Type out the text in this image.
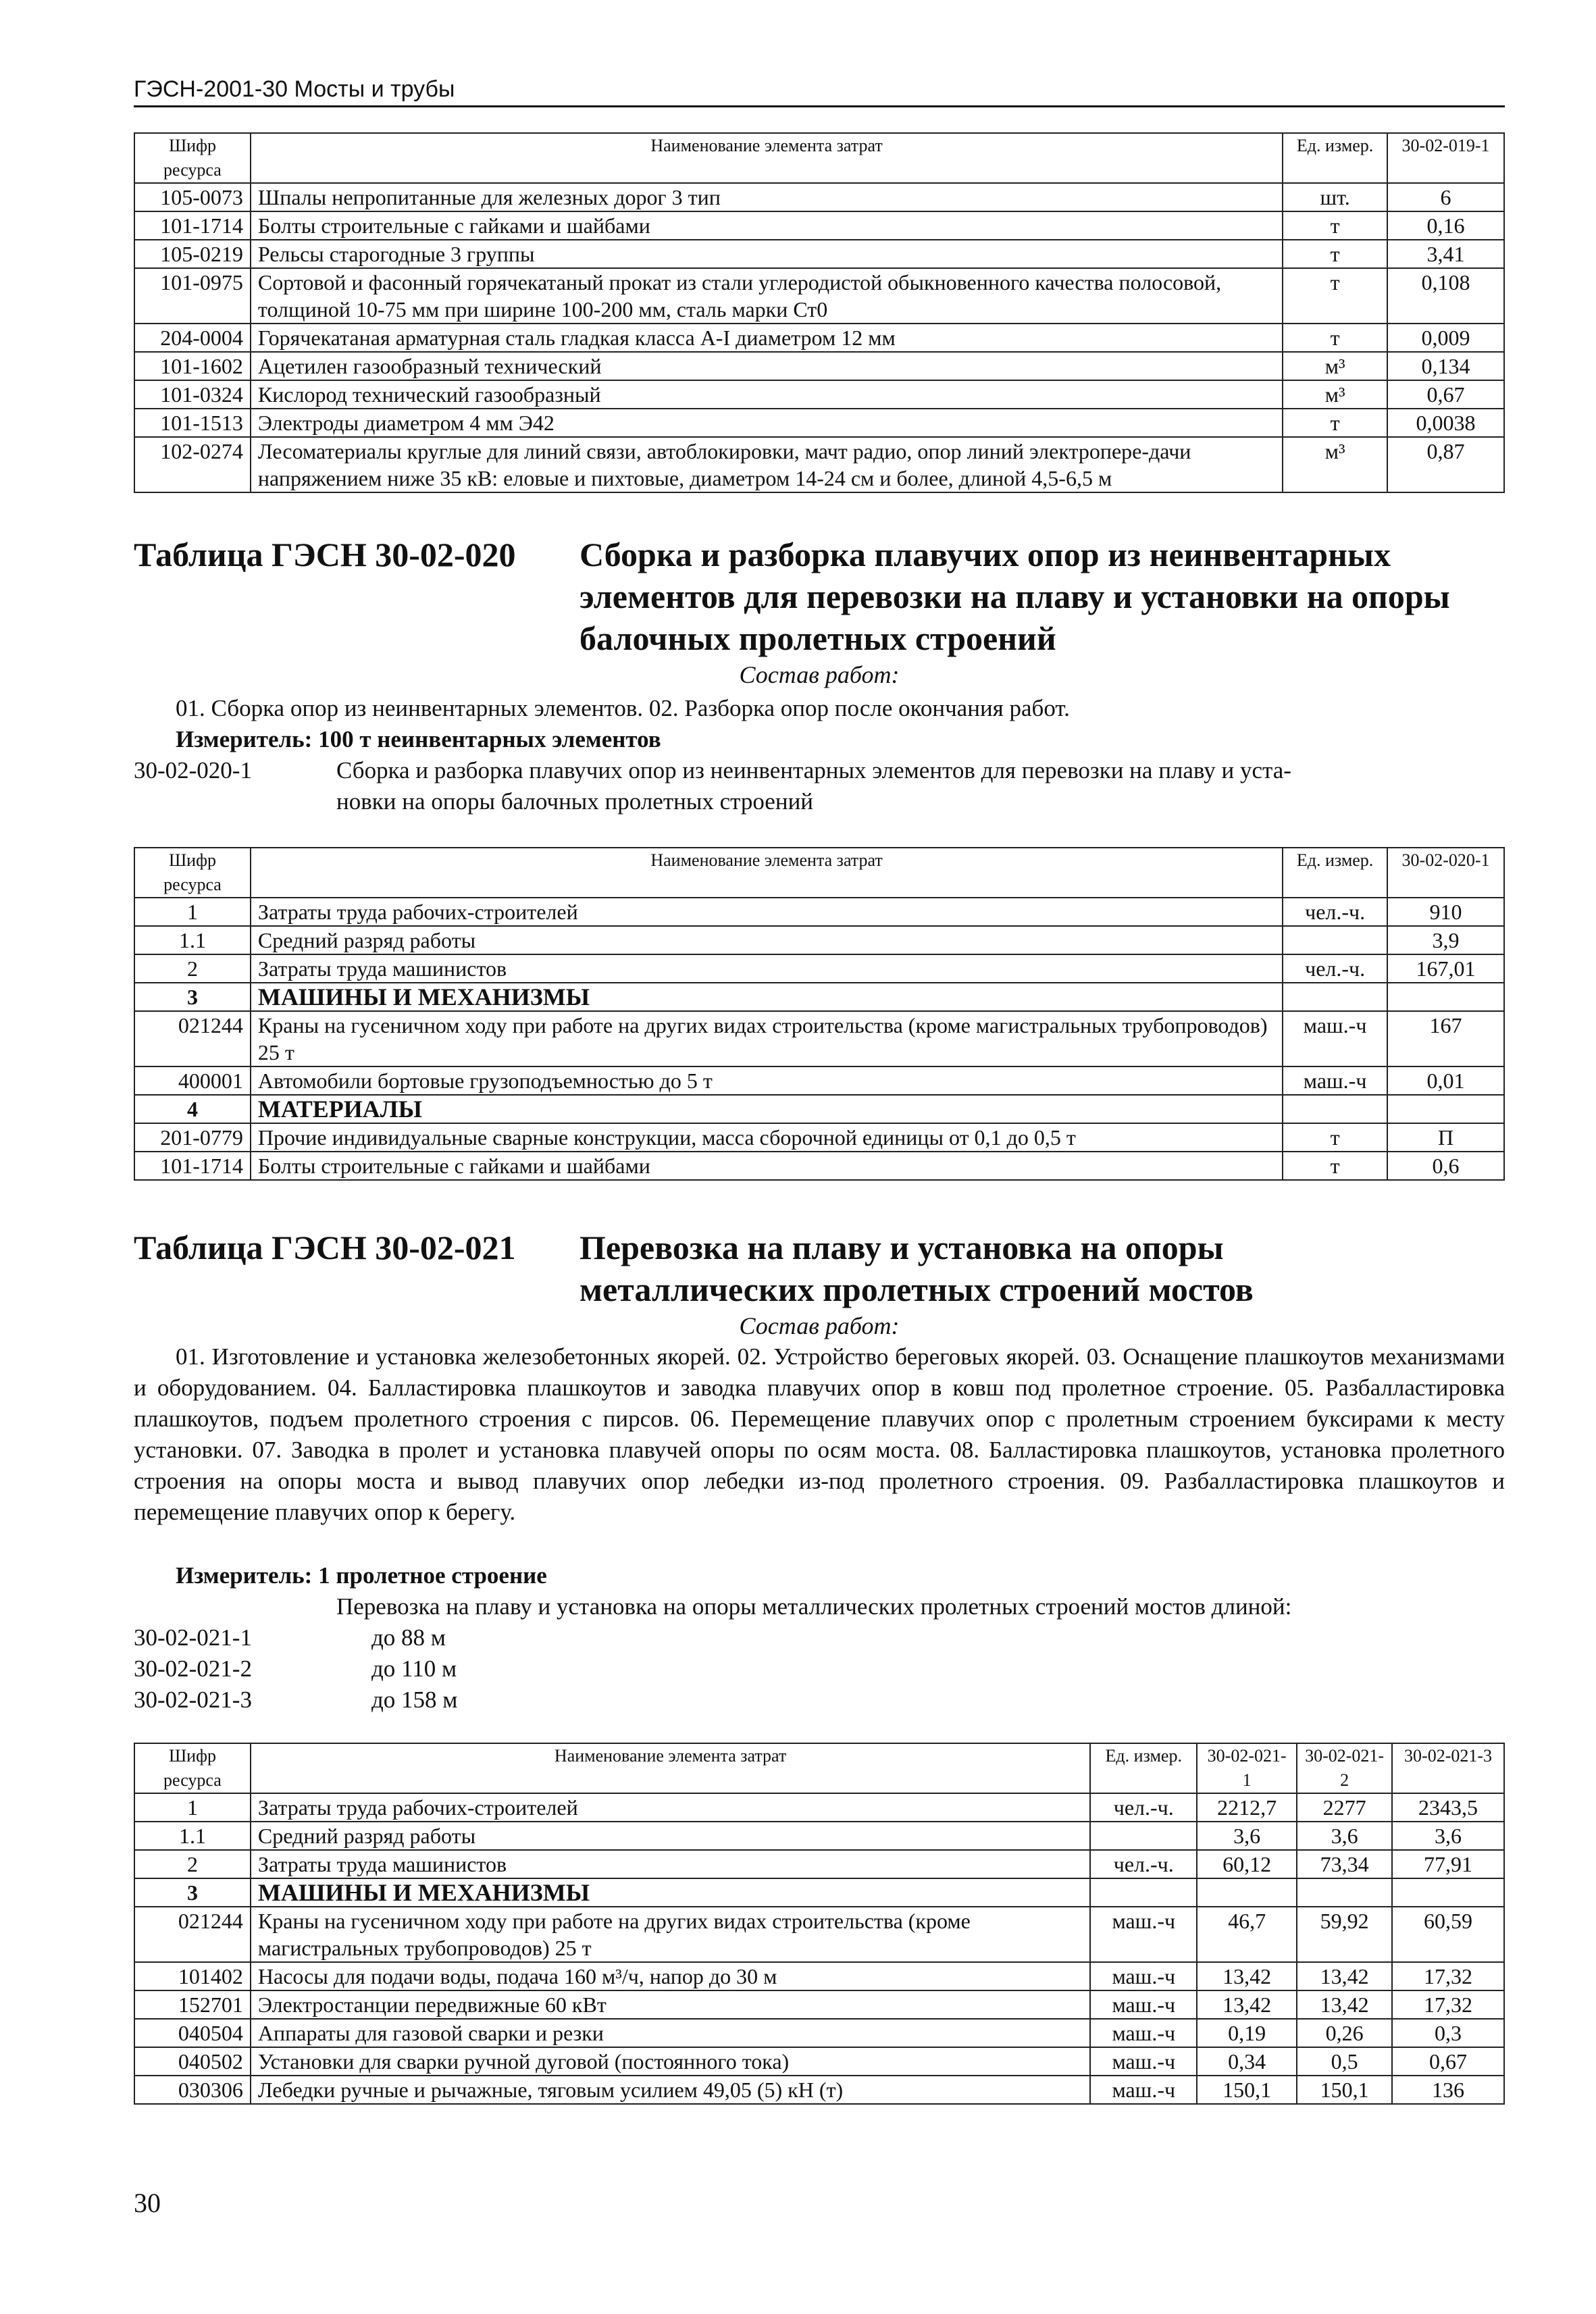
ГЭСН-2001-30 Мосты и трубы
Шифр ресурса	Наименование элемента затрат	Ед. измер.	30-02-019-1
105-0073	Шпалы непропитанные для железных дорог 3 тип	шт.	6
101-1714	Болты строительные с гайками и шайбами	т	0,16
105-0219	Рельсы старогодные 3 группы	т	3,41
101-0975	Сортовой и фасонный горячекатаный прокат из стали углеродистой обыкновенного качества полосовой, толщиной 10-75 мм при ширине 100-200 мм, сталь марки Ст0	т	0,108
204-0004	Горячекатаная арматурная сталь гладкая класса А-I диаметром 12 мм	т	0,009
101-1602	Ацетилен газообразный технический	м³	0,134
101-0324	Кислород технический газообразный	м³	0,67
101-1513	Электроды диаметром 4 мм Э42	т	0,0038
102-0274	Лесоматериалы круглые для линий связи, автоблокировки, мачт радио, опор линий электропере-дачи напряжением ниже 35 кВ: еловые и пихтовые, диаметром 14-24 см и более, длиной 4,5-6,5 м	м³	0,87
Таблица ГЭСН 30-02-020 Сборка и разборка плавучих опор из неинвентарных
элементов для перевозки на плаву и установки на опоры
балочных пролетных строений
Состав работ:
01. Сборка опор из неинвентарных элементов. 02. Разборка опор после окончания работ.
Измеритель: 100 т неинвентарных элементов
30-02-020-1	Сборка и разборка плавучих опор из неинвентарных элементов для перевозки на плаву и уста-
новки на опоры балочных пролетных строений
Шифр ресурса	Наименование элемента затрат	Ед. измер.	30-02-020-1
1	Затраты труда рабочих-строителей	чел.-ч.	910
1.1	Средний разряд работы		3,9
2	Затраты труда машинистов	чел.-ч.	167,01
3	МАШИНЫ И МЕХАНИЗМЫ		
021244	Краны на гусеничном ходу при работе на других видах строительства (кроме магистральных трубопроводов) 25 т	маш.-ч	167
400001	Автомобили бортовые грузоподъемностью до 5 т	маш.-ч	0,01
4	МАТЕРИАЛЫ		
201-0779	Прочие индивидуальные сварные конструкции, масса сборочной единицы от 0,1 до 0,5 т	т	П
101-1714	Болты строительные с гайками и шайбами	т	0,6
Таблица ГЭСН 30-02-021 Перевозка на плаву и установка на опоры
металлических пролетных строений мостов
Состав работ:
01. Изготовление и установка железобетонных якорей. 02. Устройство береговых якорей. 03. Оснащение плашкоутов механизмами и оборудованием. 04. Балластировка плашкоутов и заводка плавучих опор в ковш под пролетное строение. 05. Разбалластировка плашкоутов, подъем пролетного строения с пирсов. 06. Перемещение плавучих опор с пролетным строением буксирами к месту установки. 07. Заводка в пролет и установка плавучей опоры по осям моста. 08. Балластировка плашкоутов, установка пролетного строения на опоры моста и вывод плавучих опор лебедки из-под пролетного строения. 09. Разбалластировка плашкоутов и перемещение плавучих опор к берегу.
Измеритель: 1 пролетное строение
Перевозка на плаву и установка на опоры металлических пролетных строений мостов длиной:
30-02-021-1	до 88 м
30-02-021-2	до 110 м
30-02-021-3	до 158 м
Шифр ресурса	Наименование элемента затрат	Ед. измер.	30-02-021-1	30-02-021-2	30-02-021-3
1	Затраты труда рабочих-строителей	чел.-ч.	2212,7	2277	2343,5
1.1	Средний разряд работы		3,6	3,6	3,6
2	Затраты труда машинистов	чел.-ч.	60,12	73,34	77,91
3	МАШИНЫ И МЕХАНИЗМЫ				
021244	Краны на гусеничном ходу при работе на других видах строительства (кроме магистральных трубопроводов) 25 т	маш.-ч	46,7	59,92	60,59
101402	Насосы для подачи воды, подача 160 м³/ч, напор до 30 м	маш.-ч	13,42	13,42	17,32
152701	Электростанции передвижные 60 кВт	маш.-ч	13,42	13,42	17,32
040504	Аппараты для газовой сварки и резки	маш.-ч	0,19	0,26	0,3
040502	Установки для сварки ручной дуговой (постоянного тока)	маш.-ч	0,34	0,5	0,67
030306	Лебедки ручные и рычажные, тяговым усилием 49,05 (5) кН (т)	маш.-ч	150,1	150,1	136
30
